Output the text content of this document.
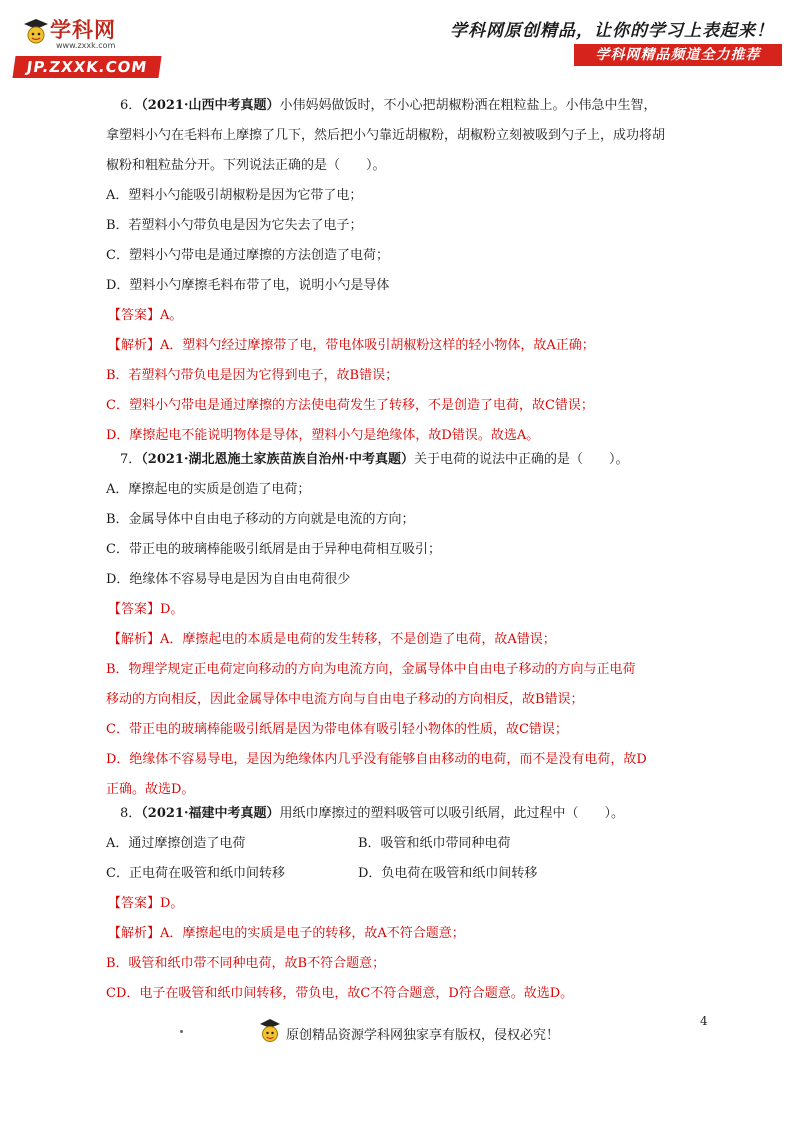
学科网
www.zxxk.com
JP.ZXXK.COM
学科网原创精品，让你的学习上表起来！
学科网精品频道全力推荐
6．（2021·山西中考真题）小伟妈妈做饭时，不小心把胡椒粉洒在粗粒盐上。小伟急中生智，
拿塑料小勺在毛料布上摩擦了几下，然后把小勺靠近胡椒粉，胡椒粉立刻被吸到勺子上，成功将胡
椒粉和粗粒盐分开。下列说法正确的是（　　）。
A．塑料小勺能吸引胡椒粉是因为它带了电；
B．若塑料小勺带负电是因为它失去了电子；
C．塑料小勺带电是通过摩擦的方法创造了电荷；
D．塑料小勺摩擦毛料布带了电，说明小勺是导体
【答案】A。
【解析】A．塑料勺经过摩擦带了电，带电体吸引胡椒粉这样的轻小物体，故A正确；
B．若塑料勺带负电是因为它得到电子，故B错误；
C．塑料小勺带电是通过摩擦的方法使电荷发生了转移，不是创造了电荷，故C错误；
D．摩擦起电不能说明物体是导体，塑料小勺是绝缘体，故D错误。故选A。
7．（2021·湖北恩施土家族苗族自治州·中考真题）关于电荷的说法中正确的是（　　）。
A．摩擦起电的实质是创造了电荷；
B．金属导体中自由电子移动的方向就是电流的方向；
C．带正电的玻璃棒能吸引纸屑是由于异种电荷相互吸引；
D．绝缘体不容易导电是因为自由电荷很少
【答案】D。
【解析】A．摩擦起电的本质是电荷的发生转移，不是创造了电荷，故A错误；
B．物理学规定正电荷定向移动的方向为电流方向，金属导体中自由电子移动的方向与正电荷
移动的方向相反，因此金属导体中电流方向与自由电子移动的方向相反，故B错误；
C．带正电的玻璃棒能吸引纸屑是因为带电体有吸引轻小物体的性质，故C错误；
D．绝缘体不容易导电，是因为绝缘体内几乎没有能够自由移动的电荷，而不是没有电荷，故D
正确。故选D。
8．（2021·福建中考真题）用纸巾摩擦过的塑料吸管可以吸引纸屑，此过程中（　　）。
A．通过摩擦创造了电荷	B．吸管和纸巾带同种电荷
C．正电荷在吸管和纸巾间转移	D．负电荷在吸管和纸巾间转移
【答案】D。
【解析】A．摩擦起电的实质是电子的转移，故A不符合题意；
B．吸管和纸巾带不同种电荷，故B不符合题意；
CD．电子在吸管和纸巾间转移，带负电，故C不符合题意，D符合题意。故选D。
4
原创精品资源学科网独家享有版权，侵权必究！
